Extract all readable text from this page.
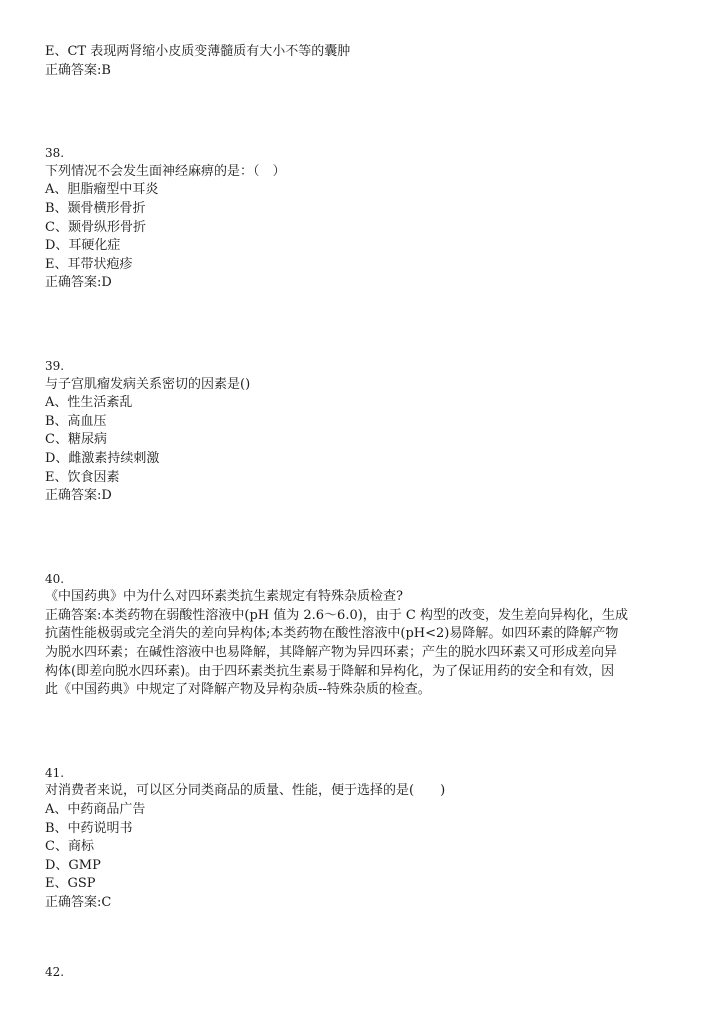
E、CT 表现两肾缩小皮质变薄髓质有大小不等的囊肿
正确答案:B
38.
下列情况不会发生面神经麻痹的是：（　）
A、胆脂瘤型中耳炎
B、颞骨横形骨折
C、颞骨纵形骨折
D、耳硬化症
E、耳带状疱疹
正确答案:D
39.
与子宫肌瘤发病关系密切的因素是()
A、性生活紊乱
B、高血压
C、糖尿病
D、雌激素持续刺激
E、饮食因素
正确答案:D
40.
《中国药典》中为什么对四环素类抗生素规定有特殊杂质检查?
正确答案:本类药物在弱酸性溶液中(pH 值为 2.6～6.0)，由于 C 构型的改变，发生差向异构化，生成
抗菌性能极弱或完全消失的差向异构体;本类药物在酸性溶液中(pH<2)易降解。如四环素的降解产物
为脱水四环素；在碱性溶液中也易降解，其降解产物为异四环素；产生的脱水四环素又可形成差向异
构体(即差向脱水四环素)。由于四环素类抗生素易于降解和异构化，为了保证用药的安全和有效，因
此《中国药典》中规定了对降解产物及异构杂质--特殊杂质的检查。
41.
对消费者来说，可以区分同类商品的质量、性能，便于选择的是(　　)
A、中药商品广告
B、中药说明书
C、商标
D、GMP
E、GSP
正确答案:C
42.
